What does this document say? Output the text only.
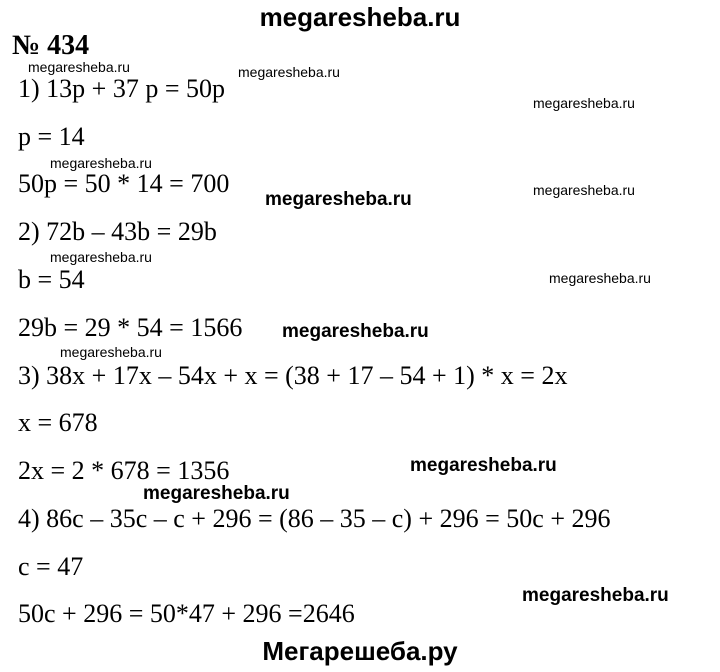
megaresheba.ru
№ 434
1) 13p + 37 p = 50p
p = 14
50p = 50 * 14 = 700
2) 72b – 43b = 29b
b = 54
29b = 29 * 54 = 1566
3) 38x + 17x – 54x + x = (38 + 17 – 54 + 1) * x = 2x
x = 678
2x = 2 * 678 = 1356
4) 86c – 35c – c + 296 = (86 – 35 – c) + 296 = 50c + 296
c = 47
50c + 296 = 50*47 + 296 =2646
megaresheba.ru	megaresheba.ru
megaresheba.ru
megaresheba.ru
megaresheba.ru
megaresheba.ru
megaresheba.ru
megaresheba.ru
megaresheba.ru
megaresheba.ru
megaresheba.ru
megaresheba.ru
megaresheba.ru
Мегарешеба.ру
